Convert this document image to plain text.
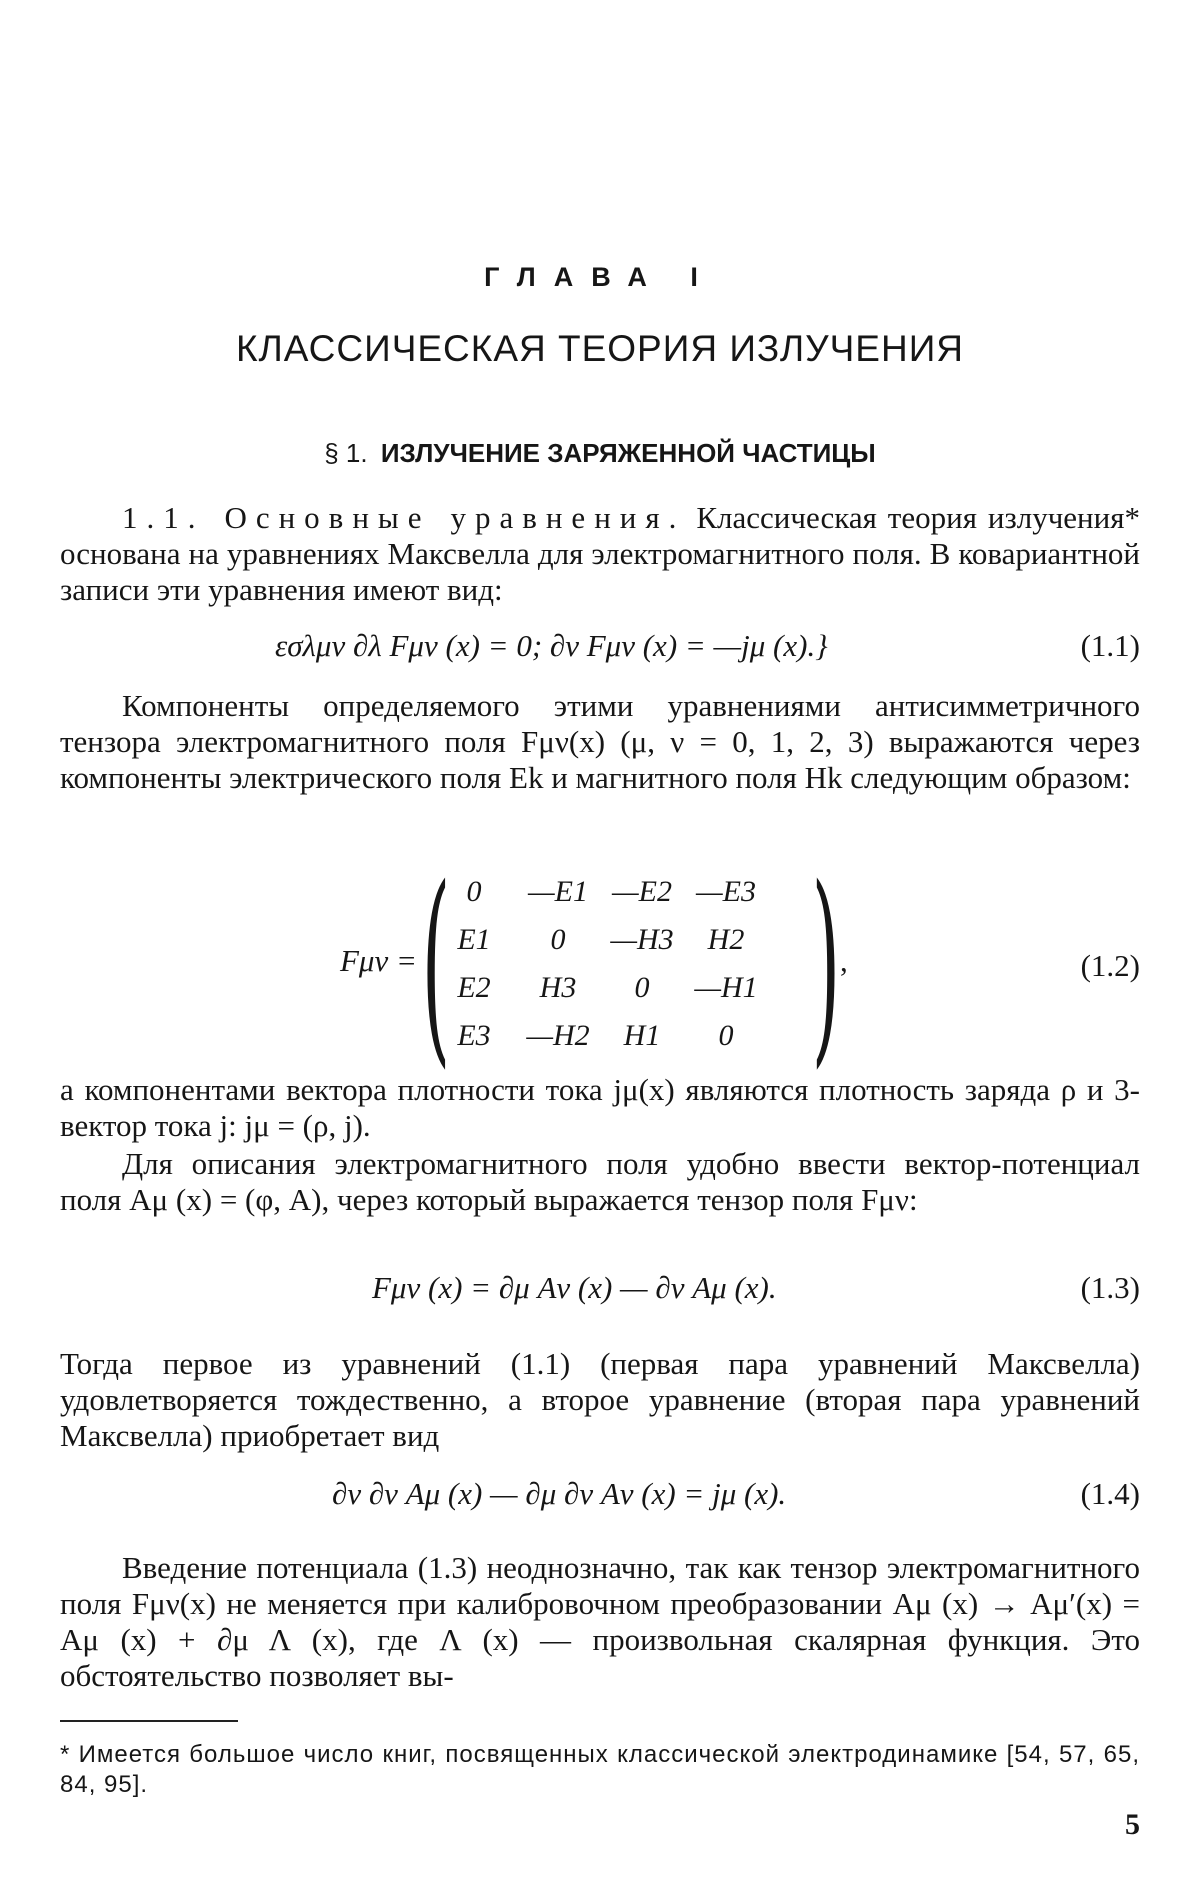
ГЛАВА I
КЛАССИЧЕСКАЯ ТЕОРИЯ ИЗЛУЧЕНИЯ
§ 1. ИЗЛУЧЕНИЕ ЗАРЯЖЕННОЙ ЧАСТИЦЫ
1.1. Основные уравнения. Классическая теория излучения* основана на уравнениях Максвелла для электромагнитного поля. В ковариантной записи эти уравнения имеют вид:
εσλμν ∂λ Fμν (x) = 0; ∂ν Fμν (x) = —jμ (x).}	(1.1)
Компоненты определяемого этими уравнениями антисимметричного тензора электромагнитного поля Fμν(x) (μ, ν = 0, 1, 2, 3) выражаются через компоненты электрического поля Ek и магнитного поля Hk следующим образом:
Fμν = ( 0	—E1	—E2	—E3
E1	0	—H3	H2
E2	H3	0	—H1
E3	—H2	H1	0 ) ,	(1.2)
а компонентами вектора плотности тока jμ(x) являются плотность заряда ρ и 3-вектор тока j: jμ = (ρ, j).
Для описания электромагнитного поля удобно ввести вектор-потенциал поля Aμ (x) = (φ, A), через который выражается тензор поля Fμν:
Fμν (x) = ∂μ Aν (x) — ∂ν Aμ (x).	(1.3)
Тогда первое из уравнений (1.1) (первая пара уравнений Максвелла) удовлетворяется тождественно, а второе уравнение (вторая пара уравнений Максвелла) приобретает вид
∂ν ∂ν Aμ (x) — ∂μ ∂ν Aν (x) = jμ (x).	(1.4)
Введение потенциала (1.3) неоднозначно, так как тензор электромагнитного поля Fμν(x) не меняется при калибровочном преобразовании Aμ (x) → Aμ′(x) = Aμ (x) + ∂μ Λ (x), где Λ (x) — произвольная скалярная функция. Это обстоятельство позволяет вы-
* Имеется большое число книг, посвященных классической электродинамике [54, 57, 65, 84, 95].
5
